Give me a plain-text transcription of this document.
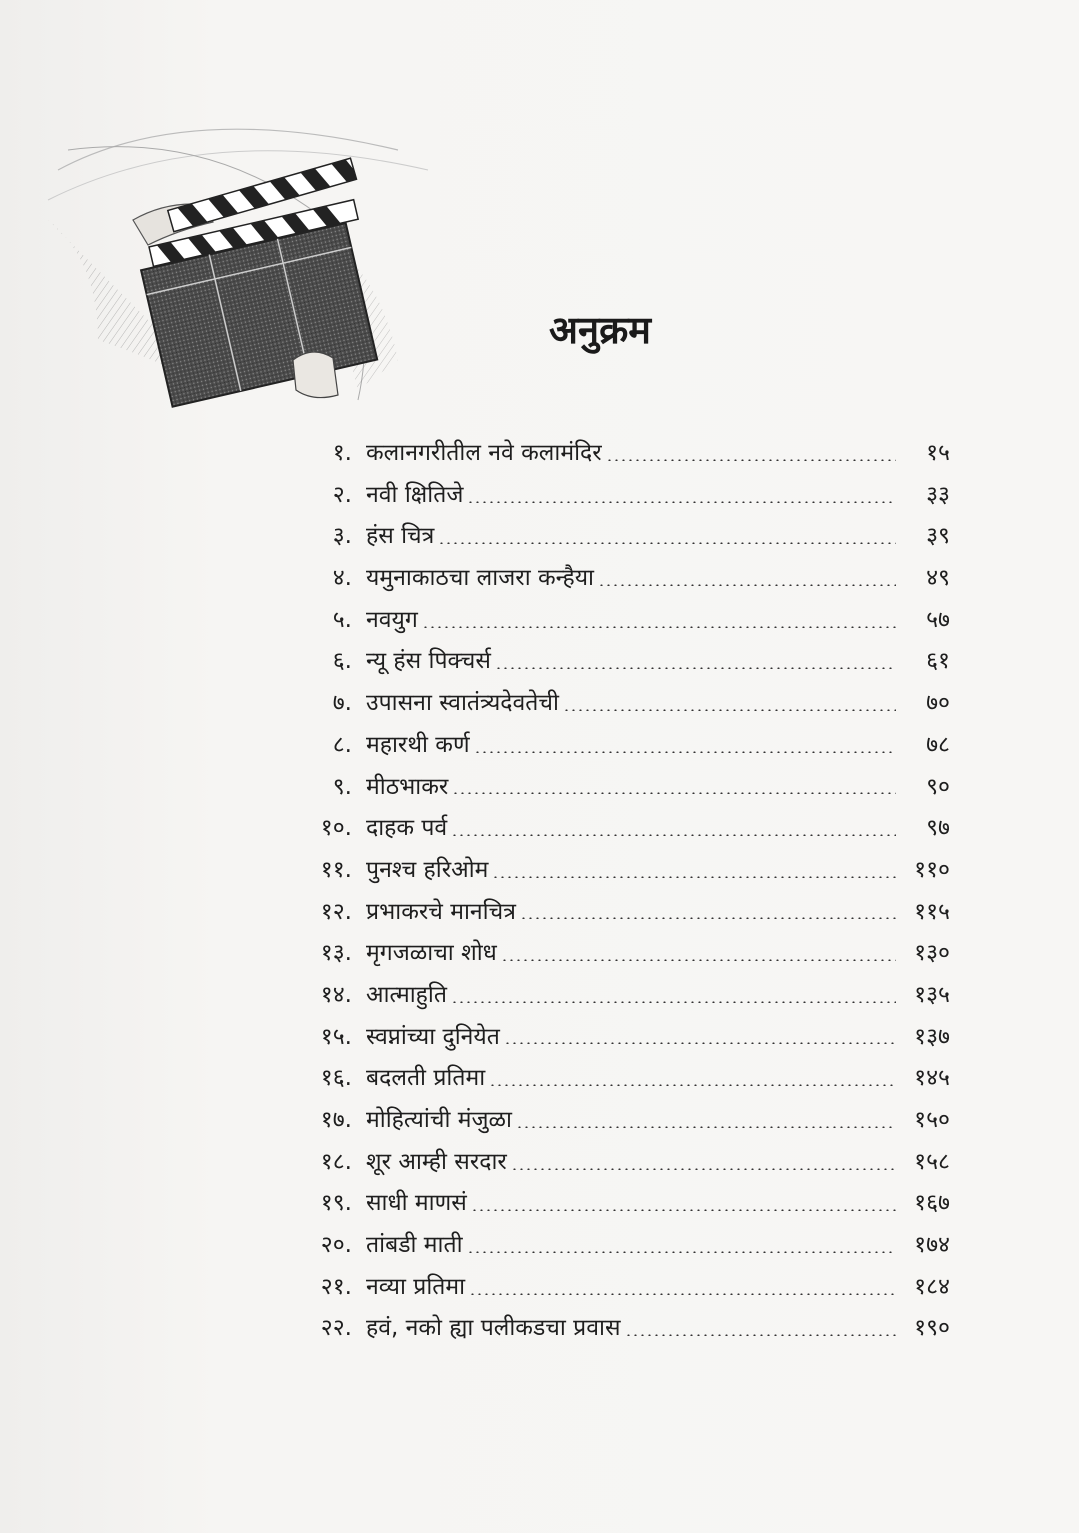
अनुक्रम
१. कलानगरीतील नवे कलामंदिर	१५
२. नवी क्षितिजे	३३
३. हंस चित्र	३९
४. यमुनाकाठचा लाजरा कन्हैया	४९
५. नवयुग	५७
६. न्यू हंस पिक्चर्स	६१
७. उपासना स्वातंत्र्यदेवतेची	७०
८. महारथी कर्ण	७८
९. मीठभाकर	९०
१०. दाहक पर्व	९७
११. पुनश्च हरिओम	११०
१२. प्रभाकरचे मानचित्र	११५
१३. मृगजळाचा शोध	१३०
१४. आत्माहुति	१३५
१५. स्वप्नांच्या दुनियेत	१३७
१६. बदलती प्रतिमा	१४५
१७. मोहित्यांची मंजुळा	१५०
१८. शूर आम्ही सरदार	१५८
१९. साधी माणसं	१६७
२०. तांबडी माती	१७४
२१. नव्या प्रतिमा	१८४
२२. हवं, नको ह्या पलीकडचा प्रवास	१९०
